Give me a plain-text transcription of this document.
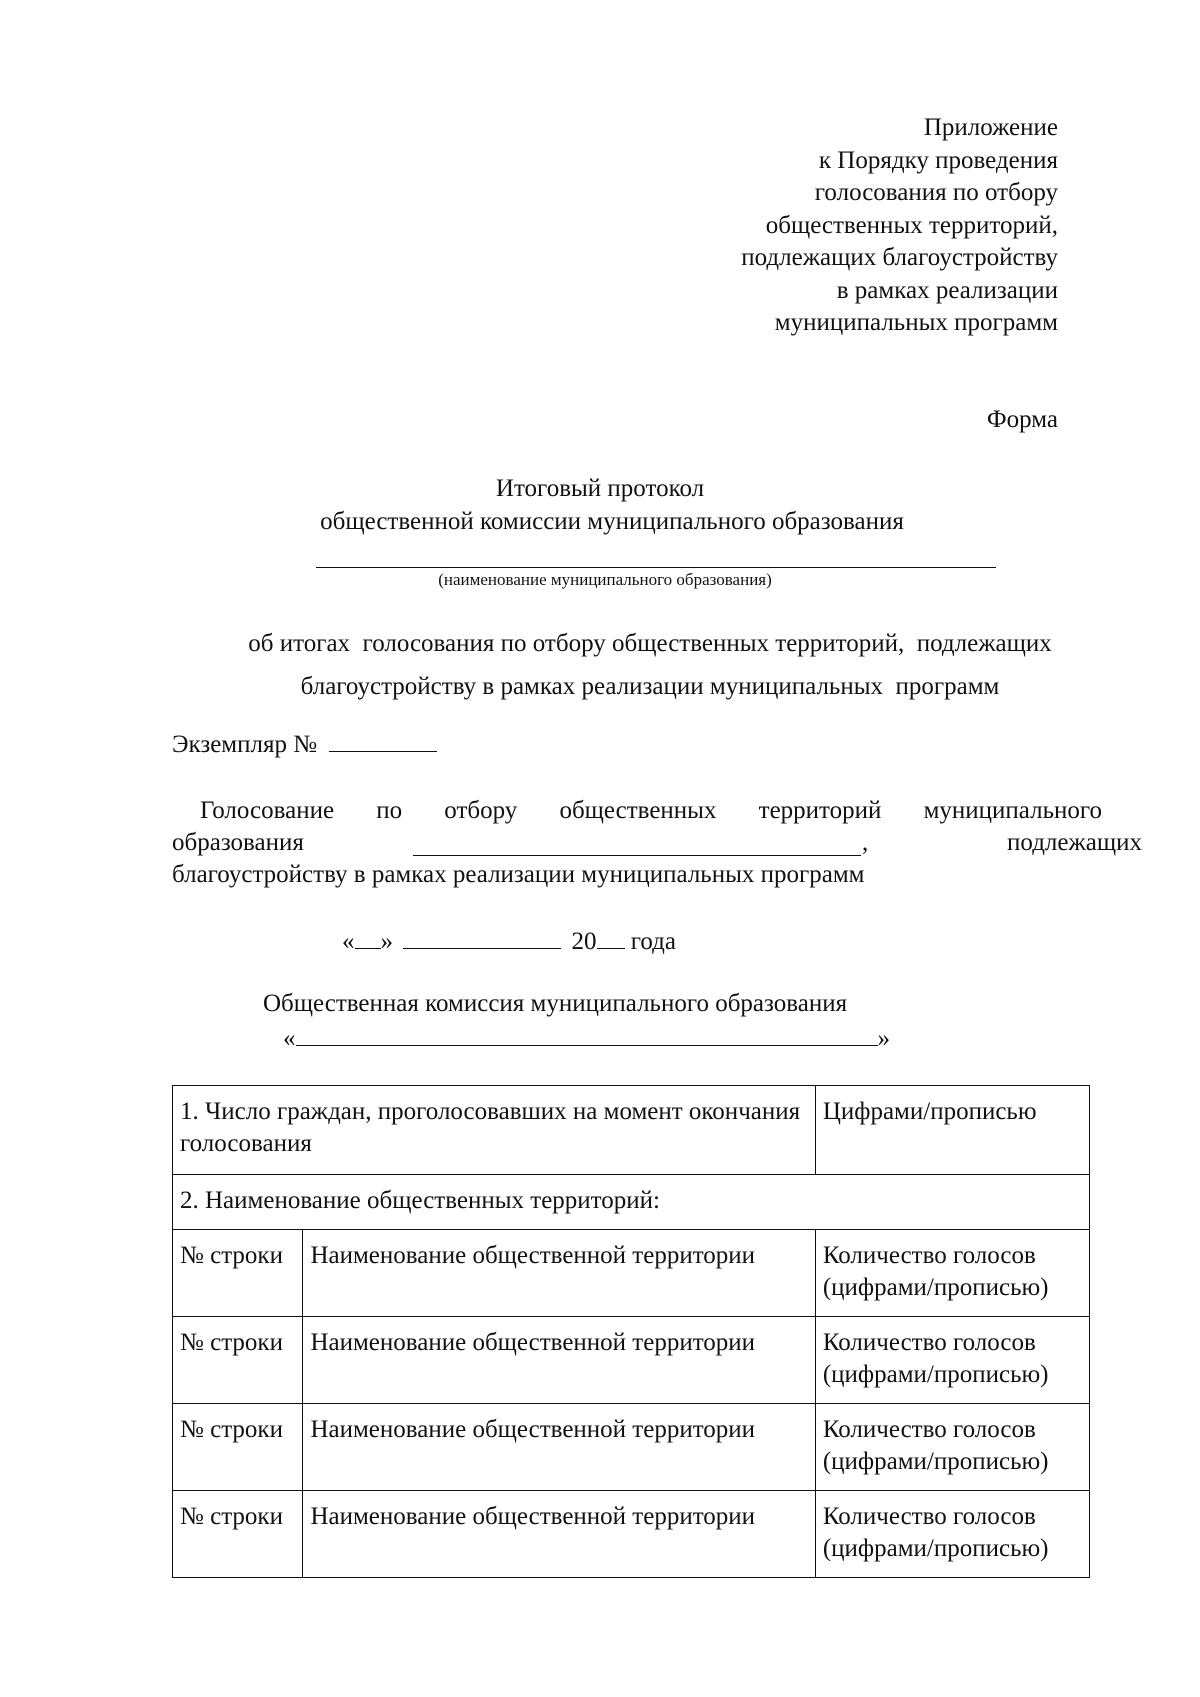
Приложение
к Порядку проведения
голосования по отбору
общественных территорий,
подлежащих благоустройству
в рамках реализации
муниципальных программ
Форма
Итоговый протокол
общественной комиссии муниципального образования
(наименование муниципального образования)
об итогах  голосования по отбору общественных территорий,  подлежащих
благоустройству в рамках реализации муниципальных  программ
Экземпляр №
Голосование по отбору общественных территорий муниципального
образования	,	подлежащих
благоустройству в рамках реализации муниципальных программ
« »	20 года
Общественная комиссия муниципального образования
«	»
1. Число граждан, проголосовавших на момент окончания голосования		Цифрами/прописью
2. Наименование общественных территорий:		
№ строки	Наименование общественной территории	Количество голосов (цифрами/прописью)
№ строки	Наименование общественной территории	Количество голосов (цифрами/прописью)
№ строки	Наименование общественной территории	Количество голосов (цифрами/прописью)
№ строки	Наименование общественной территории	Количество голосов (цифрами/прописью)
